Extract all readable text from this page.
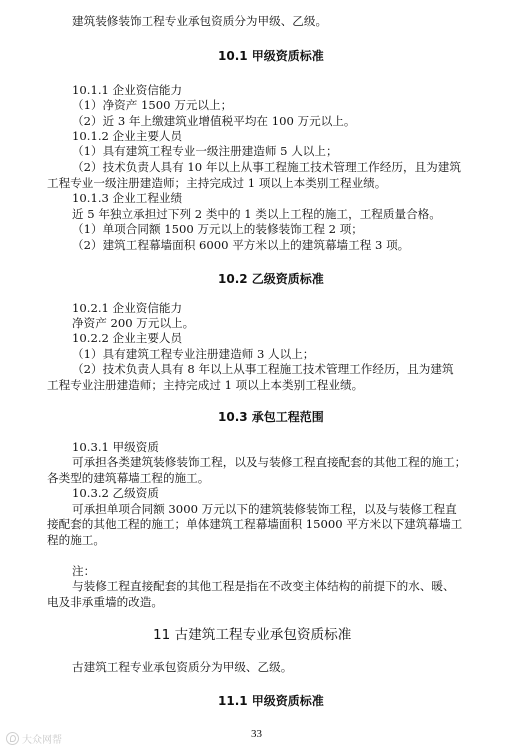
建筑装修装饰工程专业承包资质分为甲级、乙级。
10.1 甲级资质标准
10.1.1 企业资信能力
（1）净资产 1500 万元以上；
（2）近 3 年上缴建筑业增值税平均在 100 万元以上。
10.1.2 企业主要人员
（1）具有建筑工程专业一级注册建造师 5 人以上；
（2）技术负责人具有 10 年以上从事工程施工技术管理工作经历，且为建筑
工程专业一级注册建造师；主持完成过 1 项以上本类别工程业绩。
10.1.3 企业工程业绩
近 5 年独立承担过下列 2 类中的 1 类以上工程的施工，工程质量合格。
（1）单项合同额 1500 万元以上的装修装饰工程 2 项；
（2）建筑工程幕墙面积 6000 平方米以上的建筑幕墙工程 3 项。
10.2 乙级资质标准
10.2.1 企业资信能力
净资产 200 万元以上。
10.2.2 企业主要人员
（1）具有建筑工程专业注册建造师 3 人以上；
（2）技术负责人具有 8 年以上从事工程施工技术管理工作经历，且为建筑
工程专业注册建造师；主持完成过 1 项以上本类别工程业绩。
10.3 承包工程范围
10.3.1 甲级资质
可承担各类建筑装修装饰工程，以及与装修工程直接配套的其他工程的施工；
各类型的建筑幕墙工程的施工。
10.3.2 乙级资质
可承担单项合同额 3000 万元以下的建筑装修装饰工程，以及与装修工程直
接配套的其他工程的施工；单体建筑工程幕墙面积 15000 平方米以下建筑幕墙工
程的施工。
注：
与装修工程直接配套的其他工程是指在不改变主体结构的前提下的水、暖、
电及非承重墙的改造。
11 古建筑工程专业承包资质标准
古建筑工程专业承包资质分为甲级、乙级。
11.1 甲级资质标准
33
大众网帮
